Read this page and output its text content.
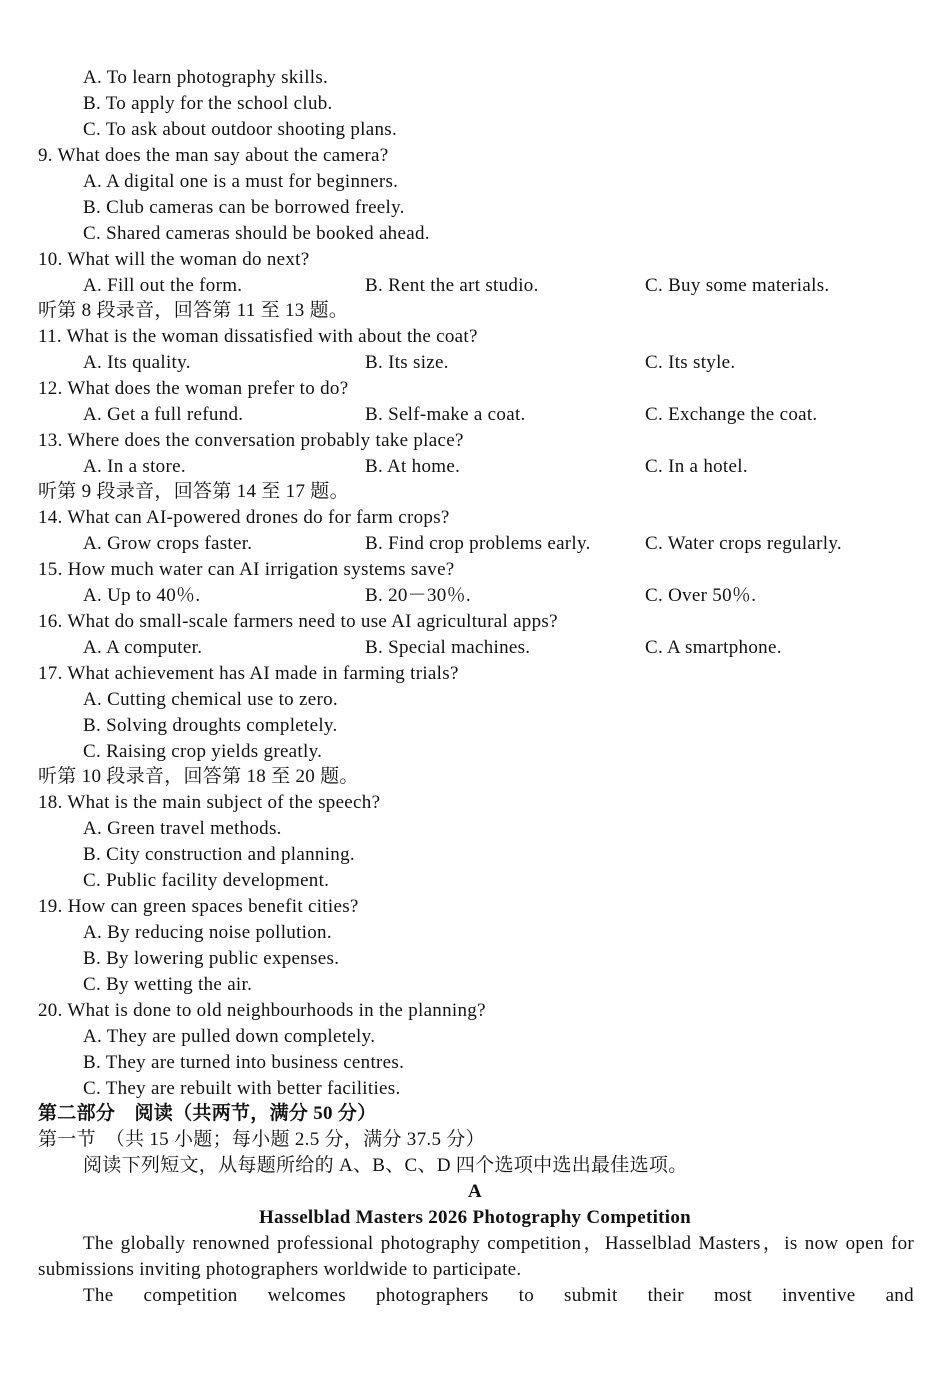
A. To learn photography skills.
B. To apply for the school club.
C. To ask about outdoor shooting plans.
9. What does the man say about the camera?
A. A digital one is a must for beginners.
B. Club cameras can be borrowed freely.
C. Shared cameras should be booked ahead.
10. What will the woman do next?
A. Fill out the form.	B. Rent the art studio.	C. Buy some materials.
听第 8 段录音，回答第 11 至 13 题。
11. What is the woman dissatisfied with about the coat?
A. Its quality.	B. Its size.	C. Its style.
12. What does the woman prefer to do?
A. Get a full refund.	B. Self-make a coat.	C. Exchange the coat.
13. Where does the conversation probably take place?
A. In a store.	B. At home.	C. In a hotel.
听第 9 段录音，回答第 14 至 17 题。
14. What can AI-powered drones do for farm crops?
A. Grow crops faster.	B. Find crop problems early.	C. Water crops regularly.
15. How much water can AI irrigation systems save?
A. Up to 40％.	B. 20－30％.	C. Over 50％.
16. What do small-scale farmers need to use AI agricultural apps?
A. A computer.	B. Special machines.	C. A smartphone.
17. What achievement has AI made in farming trials?
A. Cutting chemical use to zero.
B. Solving droughts completely.
C. Raising crop yields greatly.
听第 10 段录音，回答第 18 至 20 题。
18. What is the main subject of the speech?
A. Green travel methods.
B. City construction and planning.
C. Public facility development.
19. How can green spaces benefit cities?
A. By reducing noise pollution.
B. By lowering public expenses.
C. By wetting the air.
20. What is done to old neighbourhoods in the planning?
A. They are pulled down completely.
B. They are turned into business centres.
C. They are rebuilt with better facilities.
第二部分　阅读（共两节，满分 50 分）
第一节　（共 15 小题；每小题 2.5 分，满分 37.5 分）
阅读下列短文，从每题所给的 A、B、C、D 四个选项中选出最佳选项。
A
Hasselblad Masters 2026 Photography Competition
The globally renowned professional photography competition，Hasselblad Masters，is now open for submissions inviting photographers worldwide to participate.
The competition welcomes photographers to submit their most inventive and
